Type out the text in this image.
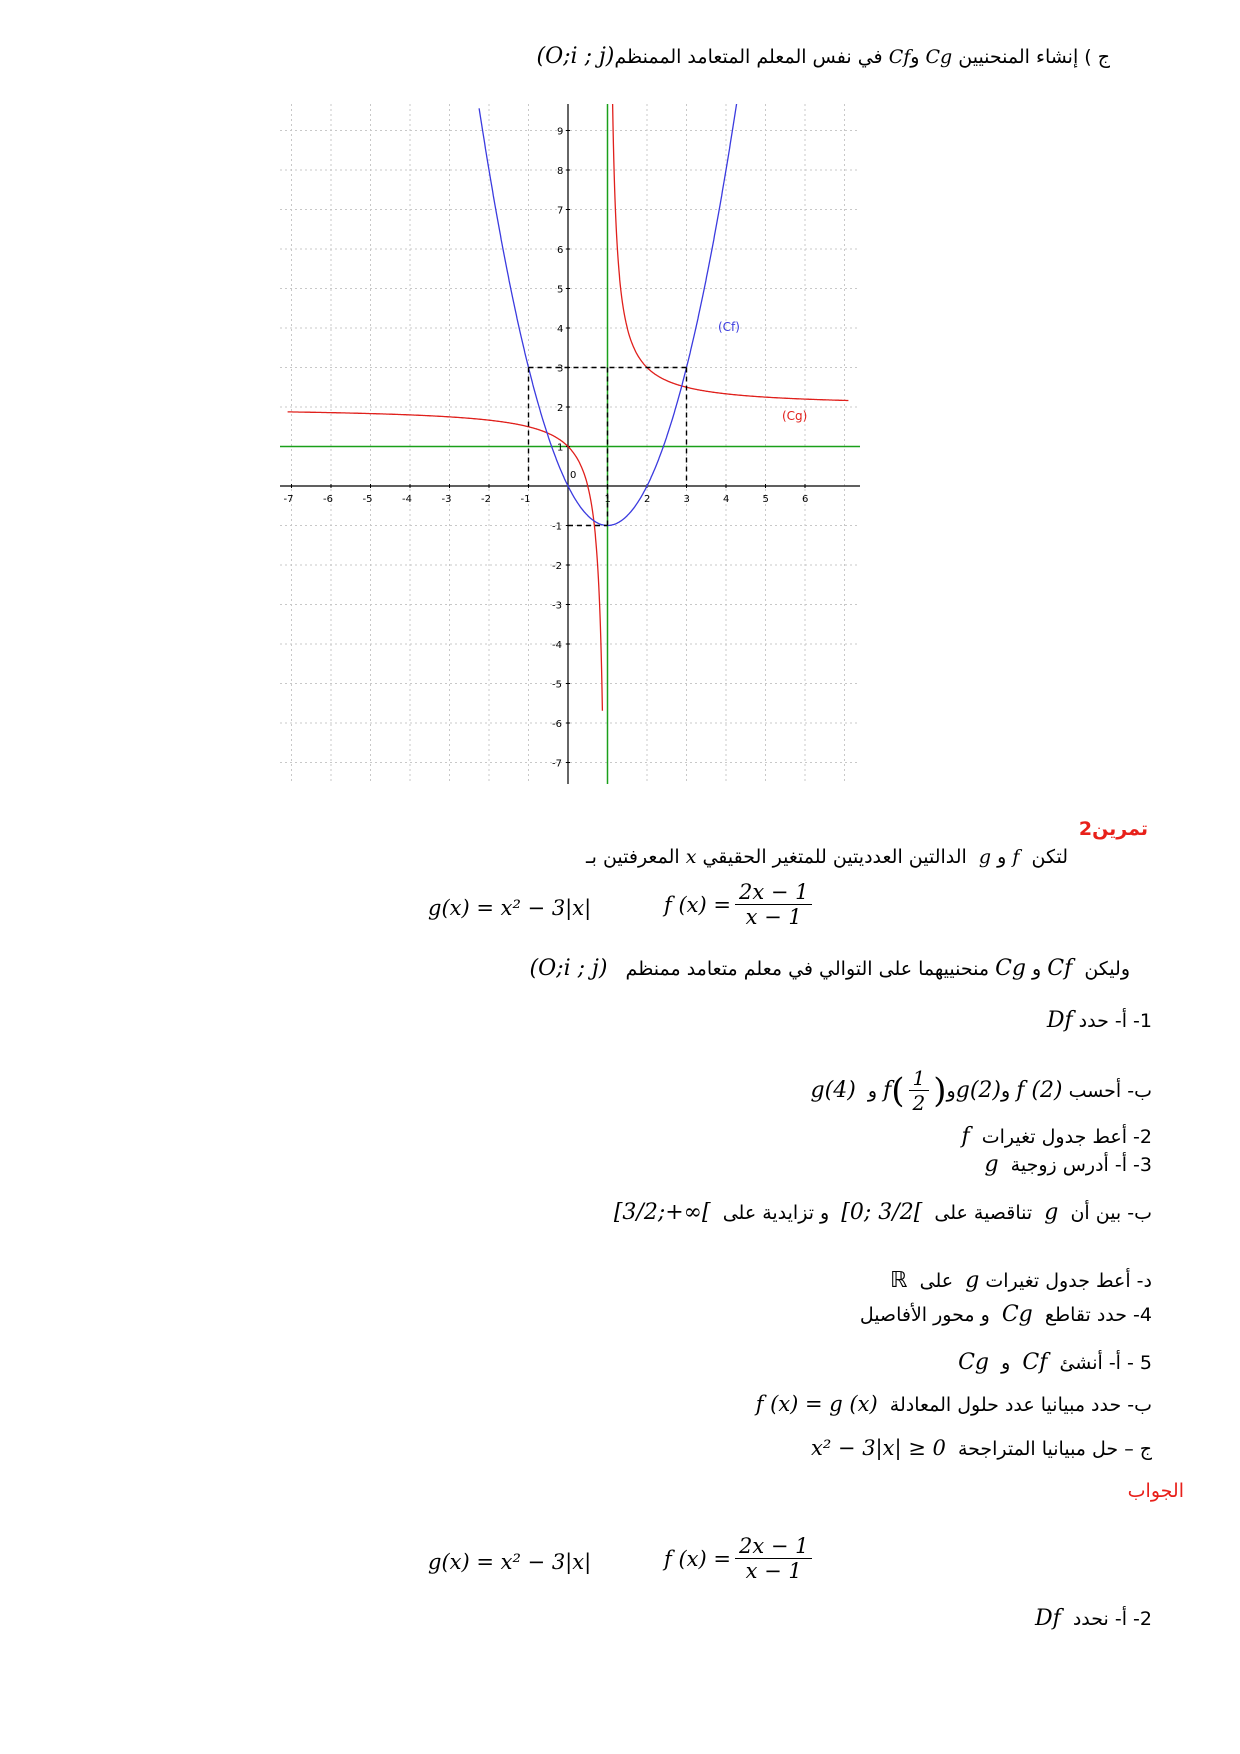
ج ) إنشاء المنحنيين Cg وCf في نفس المعلم المتعامد الممنظم(O;i ; j)
-7	-6	-5	-4	-3	-2	-1
0
1	2	3	4	5	6
-7
-6
-5
-4
-3
-2
-1
1
2
3
4
5
6
7
8
9
(Cf)
(Cg)
تمرين2
لتكن  f و g  الدالتين العدديتين للمتغير الحقيقي x المعرفتين بـ
g(x) = x² − 3|x|	f $(x) = \frac{2x - 1}{x - 1}$
وليكن  Cf و Cg منحنييهما على التوالي في معلم متعامد ممنظم   (O;i ; j)
1- أ- حدد Df
ب- أحسب

f (2)

و
g(2)
و
f ( $\frac{1}{2}$ )

و

g(4)
2- أعط جدول تغيرات  f
3- أ- أدرس زوجية  g
ب- بين أن  g  تناقصية على  [0; 3/2[  و تزايدية على  [3/2;+∞[
د- أعط جدول تغيرات g  على  ℝ
4- حدد تقاطع  Cg  و محور الأفاصيل
5 - أ- أنشئ  Cf  و  Cg
ب- حدد مبيانيا عدد حلول المعادلة  f (x) = g (x)
ج – حل مبيانيا المتراجحة  x² − 3|x| ≥ 0
الجواب
g(x) = x² − 3|x|	f $(x) = \frac{2x - 1}{x - 1}$
2- أ- نحدد  Df
